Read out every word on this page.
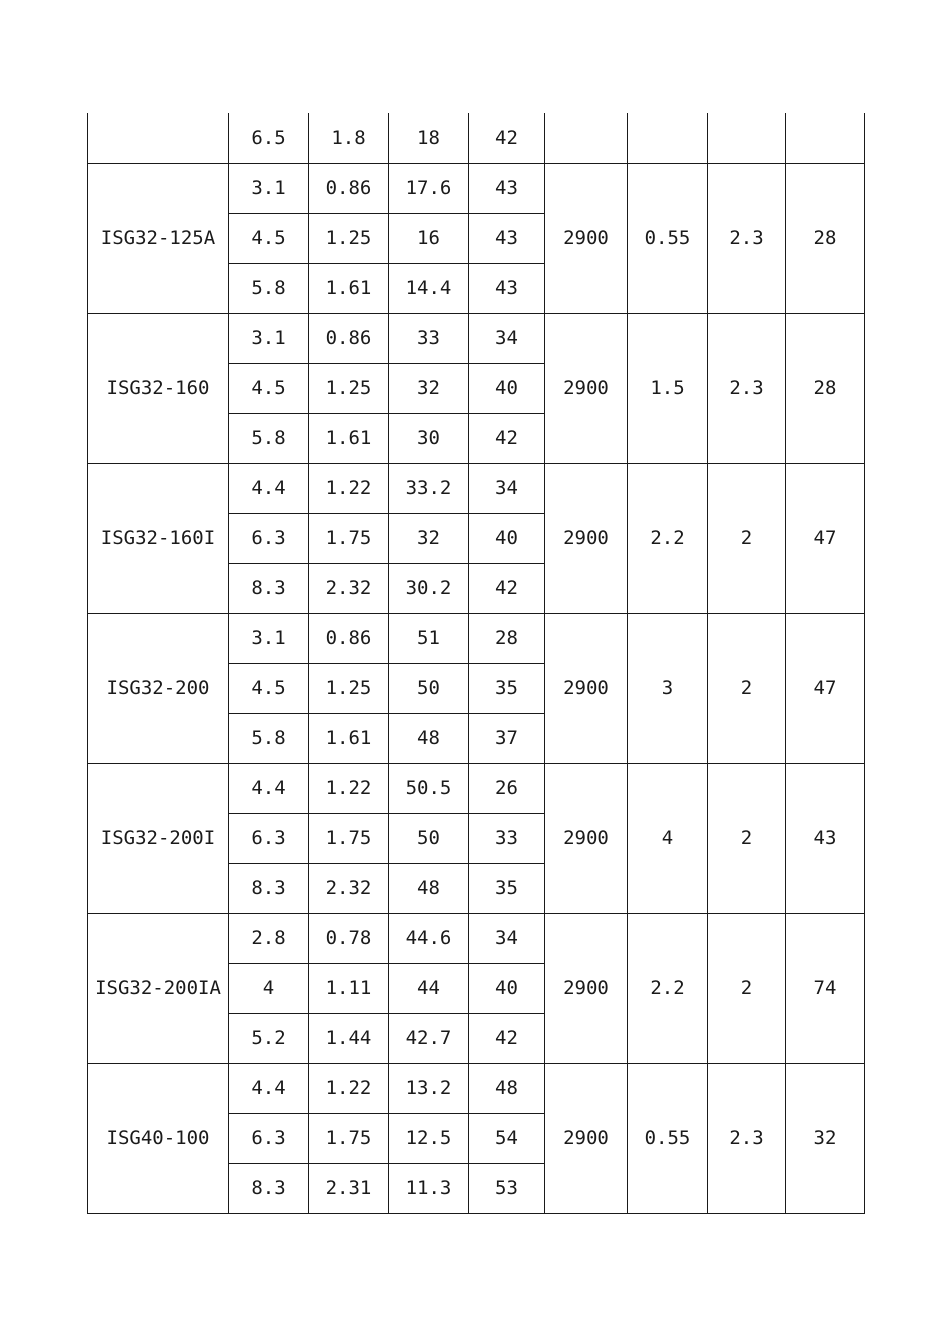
	6.5	1.8	18	42				
ISG32-125A	3.1	0.86	17.6	43	2900	0.55	2.3	28
	4.5	1.25	16	43				
	5.8	1.61	14.4	43				
ISG32-160	3.1	0.86	33	34	2900	1.5	2.3	28
	4.5	1.25	32	40				
	5.8	1.61	30	42				
ISG32-160I	4.4	1.22	33.2	34	2900	2.2	2	47
	6.3	1.75	32	40				
	8.3	2.32	30.2	42				
ISG32-200	3.1	0.86	51	28	2900	3	2	47
	4.5	1.25	50	35				
	5.8	1.61	48	37				
ISG32-200I	4.4	1.22	50.5	26	2900	4	2	43
	6.3	1.75	50	33				
	8.3	2.32	48	35				
ISG32-200IA	2.8	0.78	44.6	34	2900	2.2	2	74
	4	1.11	44	40				
	5.2	1.44	42.7	42				
ISG40-100	4.4	1.22	13.2	48	2900	0.55	2.3	32
	6.3	1.75	12.5	54				
	8.3	2.31	11.3	53				
